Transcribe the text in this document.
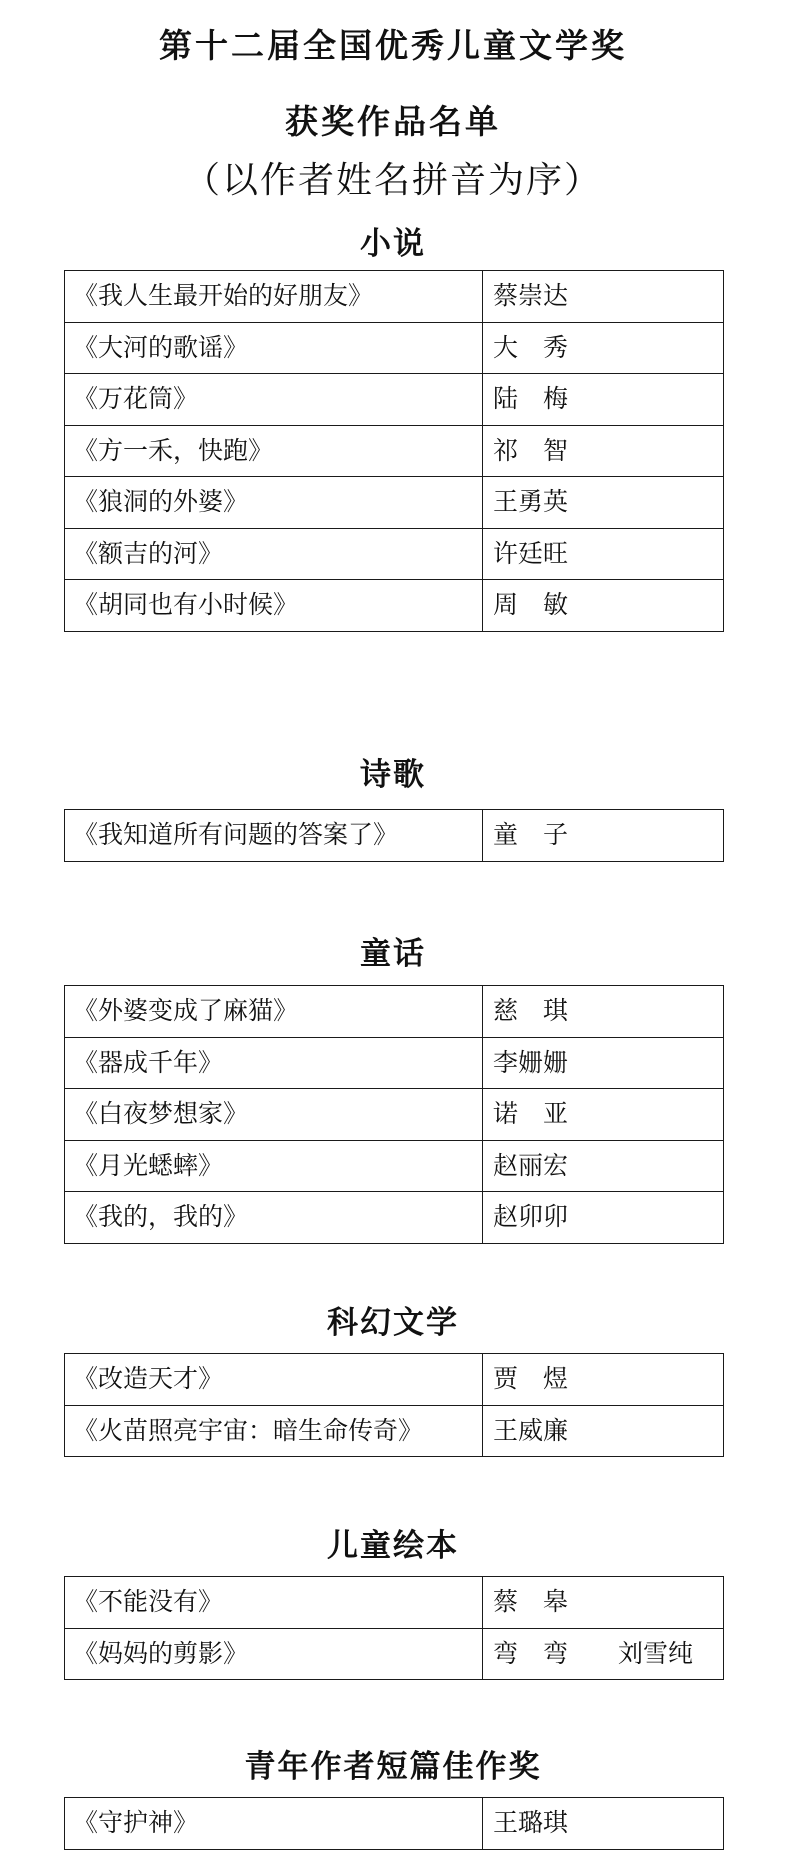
第十二届全国优秀儿童文学奖
获奖作品名单
（以作者姓名拼音为序）
小说
《我人生最开始的好朋友》	蔡崇达
《大河的歌谣》	大　秀
《万花筒》	陆　梅
《方一禾，快跑》	祁　智
《狼洞的外婆》	王勇英
《额吉的河》	许廷旺
《胡同也有小时候》	周　敏
诗歌
《我知道所有问题的答案了》	童　子
童话
《外婆变成了麻猫》	慈　琪
《器成千年》	李姗姗
《白夜梦想家》	诺　亚
《月光蟋蟀》	赵丽宏
《我的，我的》	赵卯卯
科幻文学
《改造天才》	贾　煜
《火苗照亮宇宙：暗生命传奇》	王威廉
儿童绘本
《不能没有》	蔡　皋
《妈妈的剪影》	弯　弯　　刘雪纯
青年作者短篇佳作奖
《守护神》	王璐琪
